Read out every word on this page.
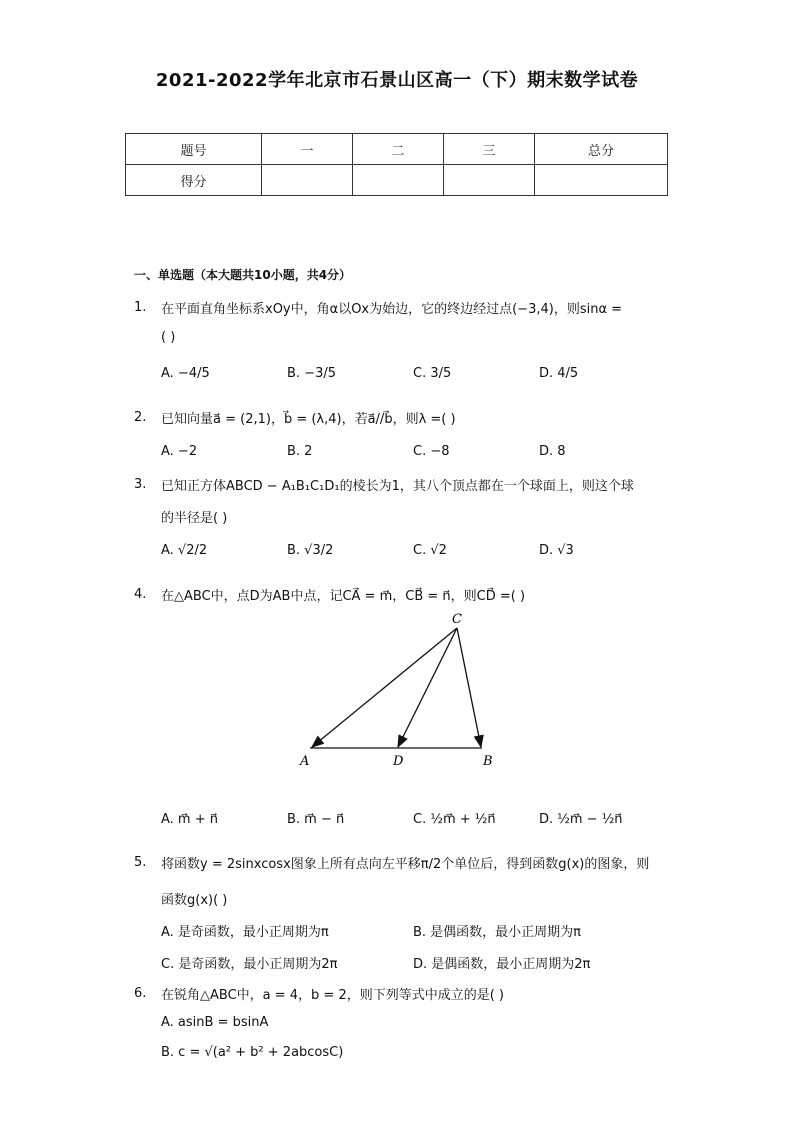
2021-2022学年北京市石景山区高一（下）期末数学试卷
题号	一	二	三	总分
得分				
一、单选题（本大题共10小题，共4分）
1. 在平面直角坐标系xOy中，角α以Ox为始边，它的终边经过点(−3,4)，则sinα =
( )
A. −4/5	B. −3/5	C. 3/5	D. 4/5
2. 已知向量a⃗ = (2,1)，b⃗ = (λ,4)，若a⃗//b⃗，则λ =( )
A. −2	B. 2	C. −8	D. 8
3. 已知正方体ABCD − A₁B₁C₁D₁的棱长为1，其八个顶点都在一个球面上，则这个球
的半径是( )
A. √2/2	B. √3/2	C. √2	D. √3
4. 在△ABC中，点D为AB中点，记CA⃗ = m⃗，CB⃗ = n⃗，则CD⃗ =( )
C
A	D	B
A. m⃗ + n⃗	B. m⃗ − n⃗	C. ½m⃗ + ½n⃗	D. ½m⃗ − ½n⃗
5. 将函数y = 2sinxcosx图象上所有点向左平移π/2个单位后，得到函数g(x)的图象，则
函数g(x)( )
A. 是奇函数，最小正周期为π	B. 是偶函数，最小正周期为π
C. 是奇函数，最小正周期为2π	D. 是偶函数，最小正周期为2π
6. 在锐角△ABC中，a = 4，b = 2，则下列等式中成立的是( )
A. asinB = bsinA
B. c = √(a² + b² + 2abcosC)
